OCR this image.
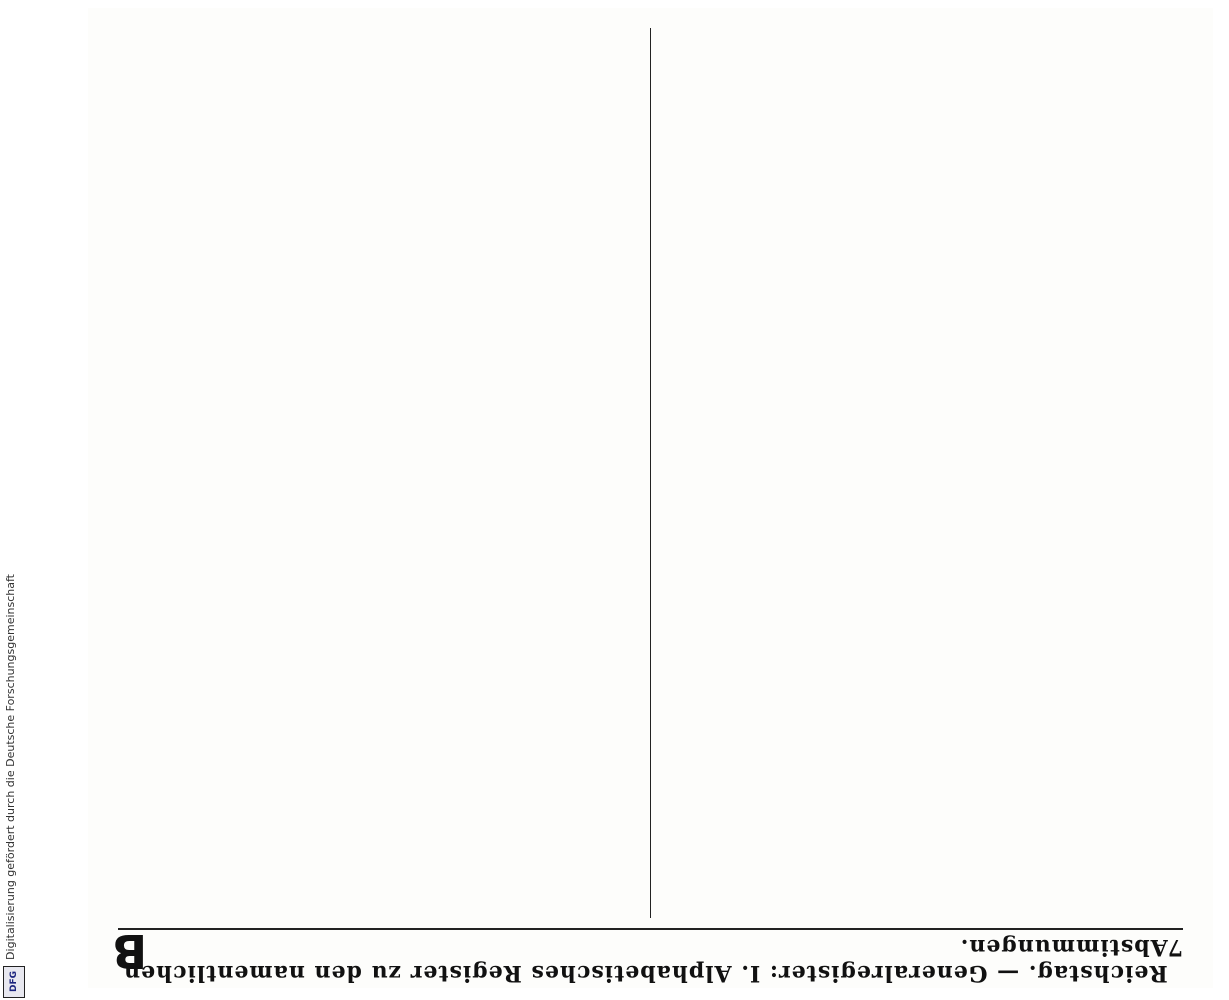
Digitalisierung gefördert durch die Deutsche Forschungsgemeinschaft
DFG
7
Reichstag. — Generalregister: I. Alphabetisches Register zu den namentlichen Abstimmungen.
B
